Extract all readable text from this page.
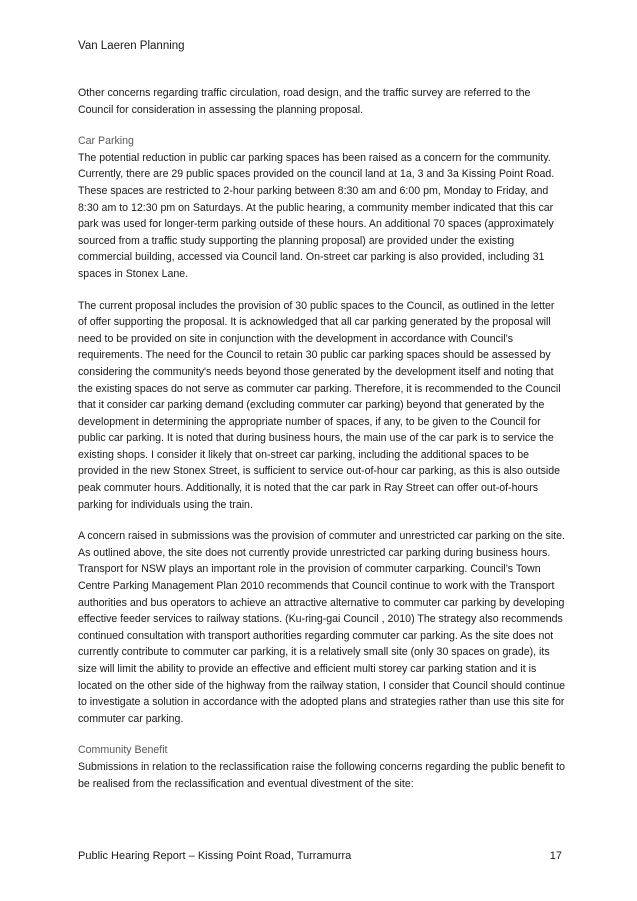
Van Laeren Planning

Other concerns regarding traffic circulation, road design, and the traffic survey are referred to the Council for consideration in assessing the planning proposal.

Car Parking

The potential reduction in public car parking spaces has been raised as a concern for the community. Currently, there are 29 public spaces provided on the council land at 1a, 3 and 3a Kissing Point Road. These spaces are restricted to 2-hour parking between 8:30 am and 6:00 pm, Monday to Friday, and 8:30 am to 12:30 pm on Saturdays. At the public hearing, a community member indicated that this car park was used for longer-term parking outside of these hours. An additional 70 spaces (approximately sourced from a traffic study supporting the planning proposal) are provided under the existing commercial building, accessed via Council land. On-street car parking is also provided, including 31 spaces in Stonex Lane.

The current proposal includes the provision of 30 public spaces to the Council, as outlined in the letter of offer supporting the proposal. It is acknowledged that all car parking generated by the proposal will need to be provided on site in conjunction with the development in accordance with Council’s requirements. The need for the Council to retain 30 public car parking spaces should be assessed by considering the community's needs beyond those generated by the development itself and noting that the existing spaces do not serve as commuter car parking. Therefore, it is recommended to the Council that it consider car parking demand (excluding commuter car parking) beyond that generated by the development in determining the appropriate number of spaces, if any, to be given to the Council for public car parking. It is noted that during business hours, the main use of the car park is to service the existing shops. I consider it likely that on-street car parking, including the additional spaces to be provided in the new Stonex Street, is sufficient to service out-of-hour car parking, as this is also outside peak commuter hours. Additionally, it is noted that the car park in Ray Street can offer out-of-hours parking for individuals using the train.

A concern raised in submissions was the provision of commuter and unrestricted car parking on the site. As outlined above, the site does not currently provide unrestricted car parking during business hours. Transport for NSW plays an important role in the provision of commuter carparking. Council’s Town Centre Parking Management Plan 2010 recommends that Council continue to work with the Transport authorities and bus operators to achieve an attractive alternative to commuter car parking by developing effective feeder services to railway stations. (Ku-ring-gai Council , 2010) The strategy also recommends continued consultation with transport authorities regarding commuter car parking. As the site does not currently contribute to commuter car parking, it is a relatively small site (only 30 spaces on grade), its size will limit the ability to provide an effective and efficient multi storey car parking station and it is located on the other side of the highway from the railway station, I consider that Council should continue to investigate a solution in accordance with the adopted plans and strategies rather than use this site for commuter car parking.

Community Benefit

Submissions in relation to the reclassification raise the following concerns regarding the public benefit to be realised from the reclassification and eventual divestment of the site:

Public Hearing Report – Kissing Point Road, Turramurra	17
